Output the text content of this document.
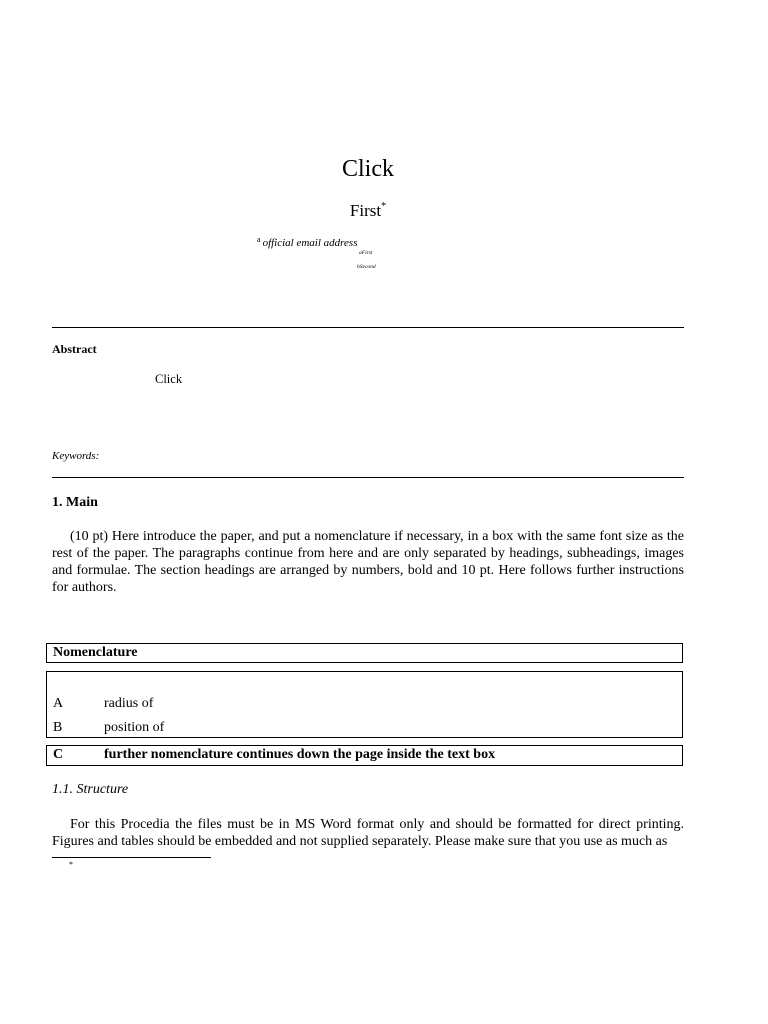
Click
First*
$^a$ official email address
aFirst
bSecond
Abstract
Click
Keywords:
1. Main
(10 pt) Here introduce the paper, and put a nomenclature if necessary, in a box with the same font size as the rest of the paper. The paragraphs continue from here and are only separated by headings, subheadings, images and formulae. The section headings are arranged by numbers, bold and 10 pt. Here follows further instructions for authors.
Nomenclature
A	radius of
B	position of
C	further nomenclature continues down the page inside the text box
1.1. Structure
For this Procedia the files must be in MS Word format only and should be formatted for direct printing. Figures and tables should be embedded and not supplied separately. Please make sure that you use as much as
*
